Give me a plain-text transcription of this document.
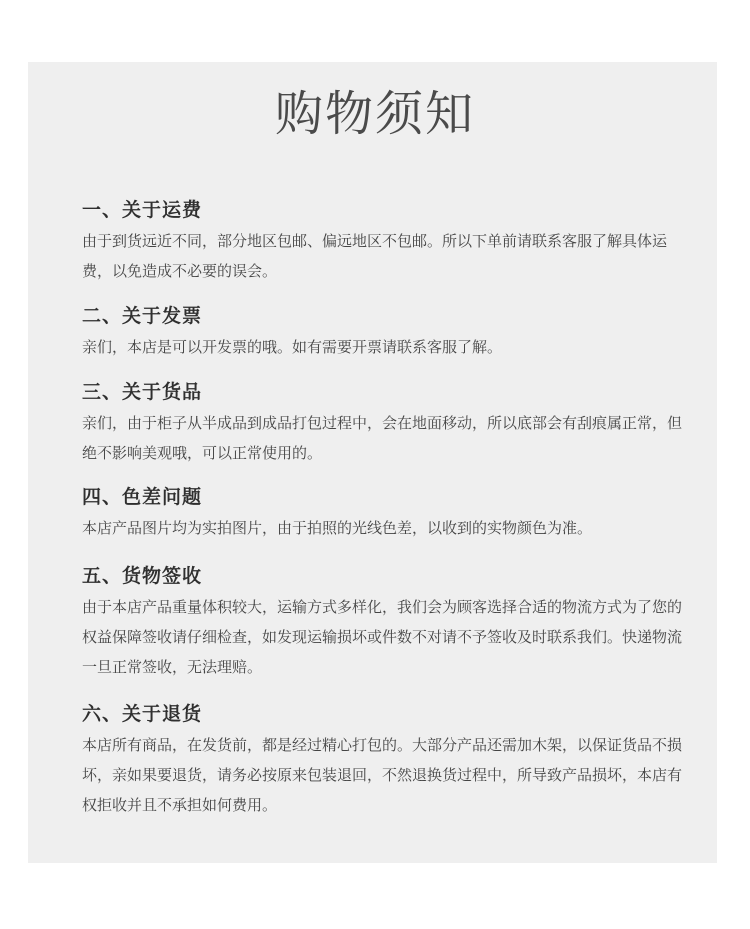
购物须知
一、关于运费

由于到货远近不同，部分地区包邮、偏远地区不包邮。所以下单前请联系客服了解具体运费，以免造成不必要的误会。

二、关于发票

亲们，本店是可以开发票的哦。如有需要开票请联系客服了解。

三、关于货品

亲们，由于柜子从半成品到成品打包过程中，会在地面移动，所以底部会有刮痕属正常，但绝不影响美观哦，可以正常使用的。

四、色差问题

本店产品图片均为实拍图片，由于拍照的光线色差，以收到的实物颜色为准。

五、货物签收

由于本店产品重量体积较大，运输方式多样化，我们会为顾客选择合适的物流方式为了您的权益保障签收请仔细检查，如发现运输损坏或件数不对请不予签收及时联系我们。快递物流一旦正常签收，无法理赔。

六、关于退货

本店所有商品，在发货前，都是经过精心打包的。大部分产品还需加木架，以保证货品不损坏，亲如果要退货，请务必按原来包装退回，不然退换货过程中，所导致产品损坏，本店有权拒收并且不承担如何费用。
